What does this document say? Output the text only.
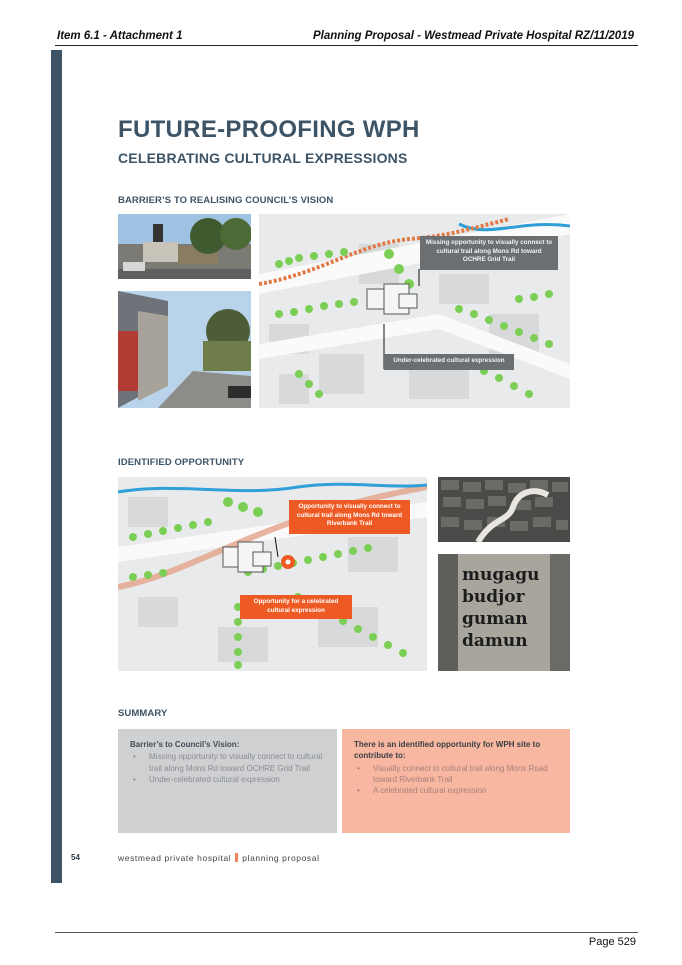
Item 6.1 - Attachment 1	Planning Proposal - Westmead Private Hospital RZ/11/2019
FUTURE-PROOFING WPH
CELEBRATING CULTURAL EXPRESSIONS
BARRIER’S TO REALISING COUNCIL’S VISION
Missing opportunity to visually connect to cultural trail along Mons Rd toward OCHRE Grid Trail
Under-celebrated cultural expression
IDENTIFIED OPPORTUNITY
Opportunity to visually connect to cultural trail along Mons Rd toward Riverbank Trail
Opportunity for a celebrated cultural expression
mugagu
budjor
guman
damun
SUMMARY
Barrier’s to Council’s Vision:
• Missing opportunity to visually connect to cultural trail along Mons Rd toward OCHRE Grid Trail
• Under-celebrated cultural expression
There is an identified opportunity for WPH site to contribute to:
• Visually connect to cultural trail along Mons Road toward Riverbank Trail
• A celebrated cultural expression
54	westmead private hospital planning proposal
Page 529
